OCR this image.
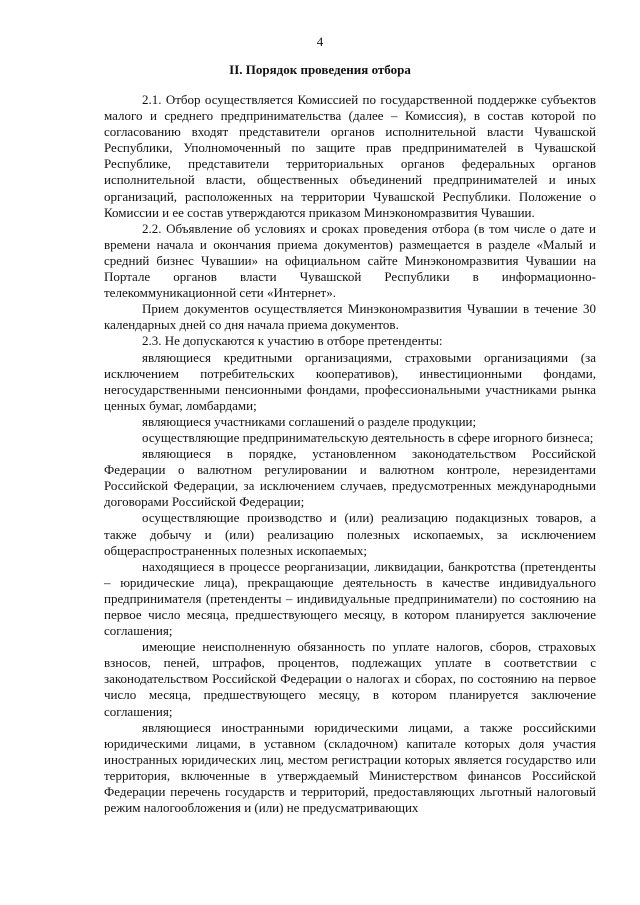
4
II. Порядок проведения отбора

2.1. Отбор осуществляется Комиссией по государственной поддержке субъектов малого и среднего предпринимательства (далее – Комиссия), в состав которой по согласованию входят представители органов исполнительной власти Чувашской Республики, Уполномоченный по защите прав предпринимателей в Чувашской Республике, представители территориальных органов федеральных органов исполнительной власти, общественных объединений предпринимателей и иных организаций, расположенных на территории Чувашской Республики. Положение о Комиссии и ее состав утверждаются приказом Минэкономразвития Чувашии.

2.2. Объявление об условиях и сроках проведения отбора (в том числе о дате и времени начала и окончания приема документов) размещается в разделе «Малый и средний бизнес Чувашии» на официальном сайте Минэкономразвития Чувашии на Портале органов власти Чувашской Республики в информационно-телекоммуникационной сети «Интернет».

Прием документов осуществляется Минэкономразвития Чувашии в течение 30 календарных дней со дня начала приема документов.

2.3. Не допускаются к участию в отборе претенденты:

являющиеся кредитными организациями, страховыми организациями (за исключением потребительских кооперативов), инвестиционными фондами, негосударственными пенсионными фондами, профессиональными участниками рынка ценных бумаг, ломбардами;

являющиеся участниками соглашений о разделе продукции;

осуществляющие предпринимательскую деятельность в сфере игорного бизнеса;

являющиеся в порядке, установленном законодательством Российской Федерации о валютном регулировании и валютном контроле, нерезидентами Российской Федерации, за исключением случаев, предусмотренных международными договорами Российской Федерации;

осуществляющие производство и (или) реализацию подакцизных товаров, а также добычу и (или) реализацию полезных ископаемых, за исключением общераспространенных полезных ископаемых;

находящиеся в процессе реорганизации, ликвидации, банкротства (претенденты – юридические лица), прекращающие деятельность в качестве индивидуального предпринимателя (претенденты – индивидуальные предприниматели) по состоянию на первое число месяца, предшествующего месяцу, в котором планируется заключение соглашения;

имеющие неисполненную обязанность по уплате налогов, сборов, страховых взносов, пеней, штрафов, процентов, подлежащих уплате в соответствии с законодательством Российской Федерации о налогах и сборах, по состоянию на первое число месяца, предшествующего месяцу, в котором планируется заключение соглашения;

являющиеся иностранными юридическими лицами, а также российскими юридическими лицами, в уставном (складочном) капитале которых доля участия иностранных юридических лиц, местом регистрации которых является государство или территория, включенные в утверждаемый Министерством финансов Российской Федерации перечень государств и территорий, предоставляющих льготный налоговый режим налогообложения и (или) не предусматривающих
